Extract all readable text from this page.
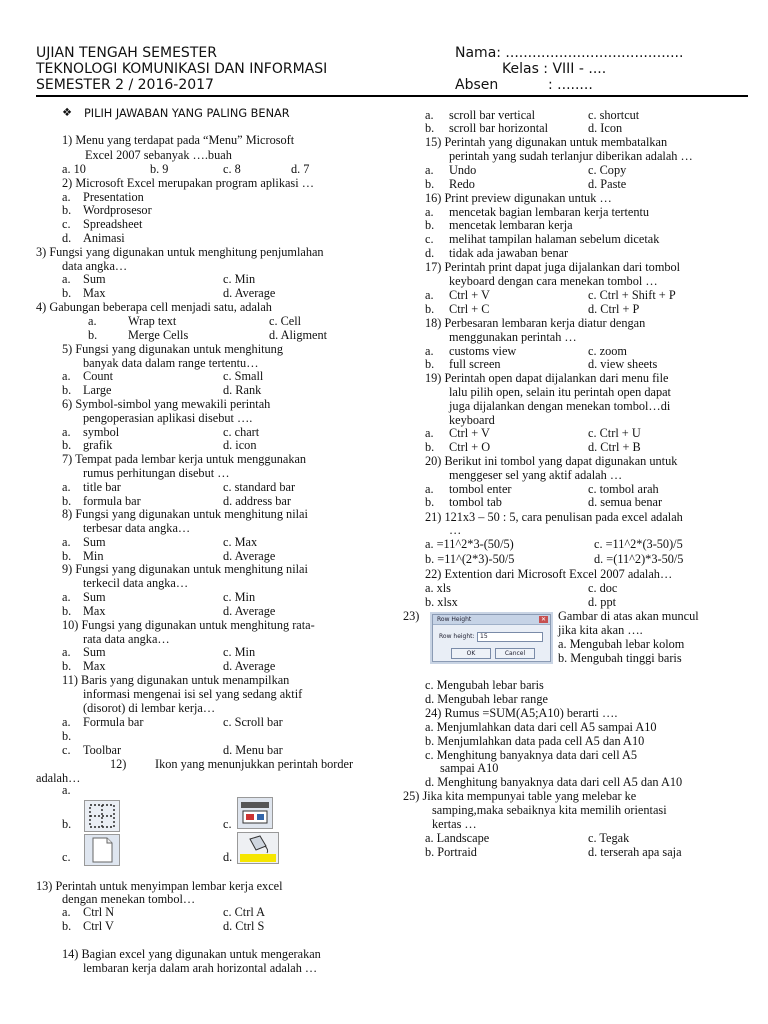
UJIAN TENGAH SEMESTER
TEKNOLOGI KOMUNIKASI DAN INFORMASI
SEMESTER 2 / 2016-2017
Nama: ........................................
Kelas : VIII - ....
Absen	: ........
❖ PILIH JAWABAN YANG PALING BENAR
1) Menu yang terdapat pada “Menu” Microsoft
Excel 2007 sebanyak ….buah
a. 10	b. 9	c. 8	d. 7
2) Microsoft Excel merupakan program aplikasi …
a. Presentation
b. Wordprosesor
c. Spreadsheet
d. Animasi
3) Fungsi yang digunakan untuk menghitung penjumlahan
data angka…
a. Sum	c. Min
b. Max	d. Average
4) Gabungan beberapa cell menjadi satu, adalah
a.	Wrap text	c. Cell
b.	Merge Cells	d. Aligment
5) Fungsi yang digunakan untuk menghitung
banyak data dalam range tertentu…
a. Count	c. Small
b. Large	d. Rank
6) Symbol-simbol yang mewakili perintah
pengoperasian aplikasi disebut ….
a. symbol	c. chart
b. grafik	d. icon
7) Tempat pada lembar kerja untuk menggunakan
rumus perhitungan disebut …
a. title bar	c. standard bar
b. formula bar	d. address bar
8) Fungsi yang digunakan untuk menghitung nilai
terbesar data angka…
a. Sum	c. Max
b. Min	d. Average
9) Fungsi yang digunakan untuk menghitung nilai
terkecil data angka…
a. Sum	c. Min
b. Max	d. Average
10) Fungsi yang digunakan untuk menghitung rata-
rata data angka…
a. Sum	c. Min
b. Max	d. Average
11) Baris yang digunakan untuk menampilkan
informasi mengenai isi sel yang sedang aktif
(disorot) di lembar kerja…
a. Formula bar	c. Scroll bar
b.
c. Toolbar	d. Menu bar
12) Ikon yang menunjukkan perintah border
adalah…
a.
b.	c.
c.	d.
13) Perintah untuk menyimpan lembar kerja excel
dengan menekan tombol…
a. Ctrl N	c. Ctrl A
b. Ctrl V	d. Ctrl S
14) Bagian excel yang digunakan untuk mengerakan
lembaran kerja dalam arah horizontal adalah …
a. scroll bar vertical	c. shortcut
b. scroll bar horizontal	d. Icon
15) Perintah yang digunakan untuk membatalkan
perintah yang sudah terlanjur diberikan adalah …
a. Undo	c. Copy
b. Redo	d. Paste
16) Print preview digunakan untuk …
a. mencetak bagian lembaran kerja tertentu
b. mencetak lembaran kerja
c. melihat tampilan halaman sebelum dicetak
d. tidak ada jawaban benar
17) Perintah print dapat juga dijalankan dari tombol
keyboard dengan cara menekan tombol …
a. Ctrl + V	c. Ctrl + Shift + P
b. Ctrl + C	d. Ctrl + P
18) Perbesaran lembaran kerja diatur dengan
menggunakan perintah …
a. customs view	c. zoom
b. full screen	d. view sheets
19) Perintah open dapat dijalankan dari menu file
lalu pilih open, selain itu perintah open dapat
juga dijalankan dengan menekan tombol…di
keyboard
a. Ctrl + V	c. Ctrl + U
b. Ctrl + O	d. Ctrl + B
20) Berikut ini tombol yang dapat digunakan untuk
menggeser sel yang aktif adalah …
a. tombol enter	c. tombol arah
b. tombol tab	d. semua benar
21) 121x3 – 50 : 5, cara penulisan pada excel adalah
…
a. =11^2*3-(50/5)	c. =11^2*(3-50)/5
b. =11^(2*3)-50/5	d. =(11^2)*3-50/5
22) Extention dari Microsoft Excel 2007 adalah…
a. xls	c. doc
b. xlsx	d. ppt
23)	Row Height	✕
Row height: 15
OK	Cancel
Gambar di atas akan muncul
jika kita akan ….
a. Mengubah lebar kolom
b. Mengubah tinggi baris
c. Mengubah lebar baris
d. Mengubah lebar range
24) Rumus =SUM(A5;A10) berarti ….
a. Menjumlahkan data dari cell A5 sampai A10
b. Menjumlahkan data pada cell A5 dan A10
c. Menghitung banyaknya data dari cell A5
sampai A10
d. Menghitung banyaknya data dari cell A5 dan A10
25) Jika kita mempunyai table yang melebar ke
samping,maka sebaiknya kita memilih orientasi
kertas …
a. Landscape	c. Tegak
b. Portraid	d. terserah apa saja
